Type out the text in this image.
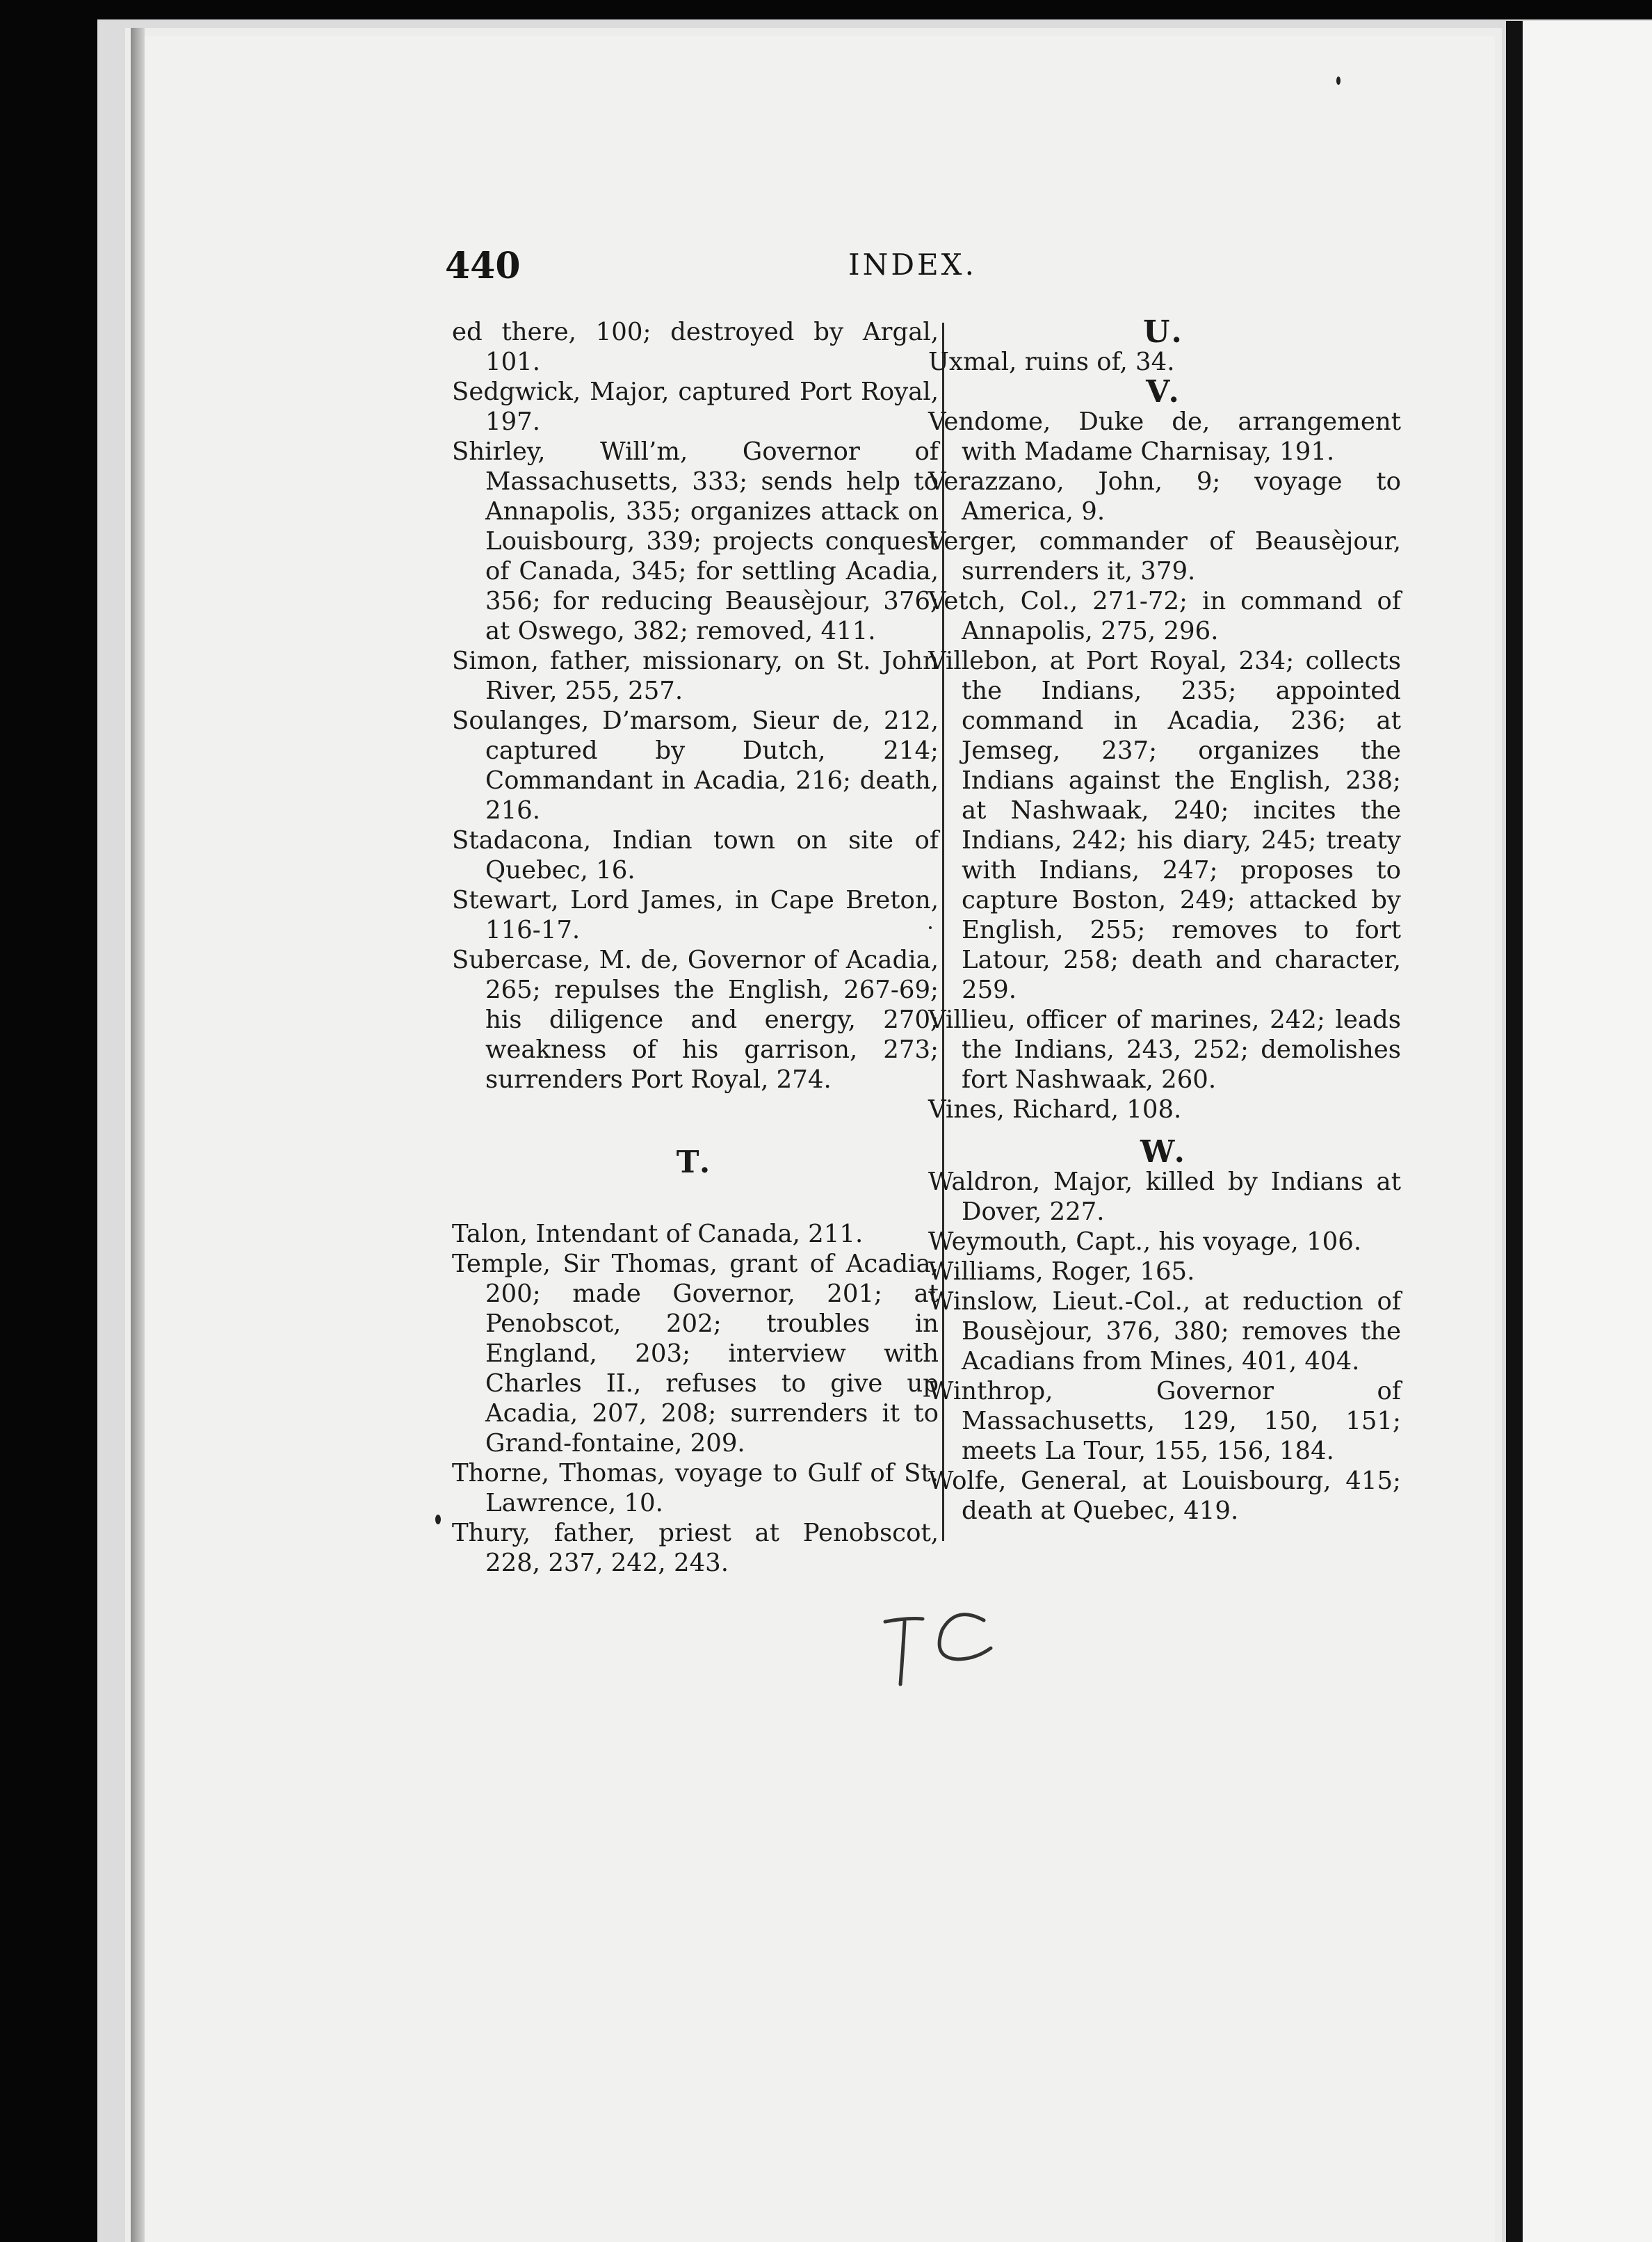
440	INDEX.
ed there, 100; destroyed by Argal, 101.
Sedgwick, Major, captured Port Royal, 197.
Shirley, Will’m, Governor of Massachusetts, 333; sends help to Annapolis, 335; organizes attack on Louisbourg, 339; projects conquest of Canada, 345; for settling Acadia, 356; for reducing Beausèjour, 376; at Oswego, 382; removed, 411.
Simon, father, missionary, on St. John River, 255, 257.
Soulanges, D’marsom, Sieur de, 212, captured by Dutch, 214; Commandant in Acadia, 216; death, 216.
Stadacona, Indian town on site of Quebec, 16.
Stewart, Lord James, in Cape Breton, 116-17.
Subercase, M. de, Governor of Acadia, 265; repulses the English, 267-69; his diligence and energy, 270; weakness of his garrison, 273; surrenders Port Royal, 274.
T.
Talon, Intendant of Canada, 211.
Temple, Sir Thomas, grant of Acadia, 200; made Governor, 201; at Penobscot, 202; troubles in England, 203; interview with Charles II., refuses to give up Acadia, 207, 208; surrenders it to Grand-fontaine, 209.
Thorne, Thomas, voyage to Gulf of St. Lawrence, 10.
Thury, father, priest at Penobscot, 228, 237, 242, 243.
U.
Uxmal, ruins of, 34.
V.
Vendome, Duke de, arrangement with Madame Charnisay, 191.
Verazzano, John, 9; voyage to America, 9.
Verger, commander of Beausèjour, surrenders it, 379.
Vetch, Col., 271-72; in command of Annapolis, 275, 296.
Villebon, at Port Royal, 234; collects the Indians, 235; appointed command in Acadia, 236; at Jemseg, 237; organizes the Indians against the English, 238; at Nashwaak, 240; incites the Indians, 242; his diary, 245; treaty with Indians, 247; proposes to capture Boston, 249; attacked by English, 255; removes to fort Latour, 258; death and character, 259.
Villieu, officer of marines, 242; leads the Indians, 243, 252; demolishes fort Nashwaak, 260.
Vines, Richard, 108.
W.
Waldron, Major, killed by Indians at Dover, 227.
Weymouth, Capt., his voyage, 106.
Williams, Roger, 165.
Winslow, Lieut.-Col., at reduction of Bousèjour, 376, 380; removes the Acadians from Mines, 401, 404.
Winthrop, Governor of Massachusetts, 129, 150, 151; meets La Tour, 155, 156, 184.
Wolfe, General, at Louisbourg, 415; death at Quebec, 419.
